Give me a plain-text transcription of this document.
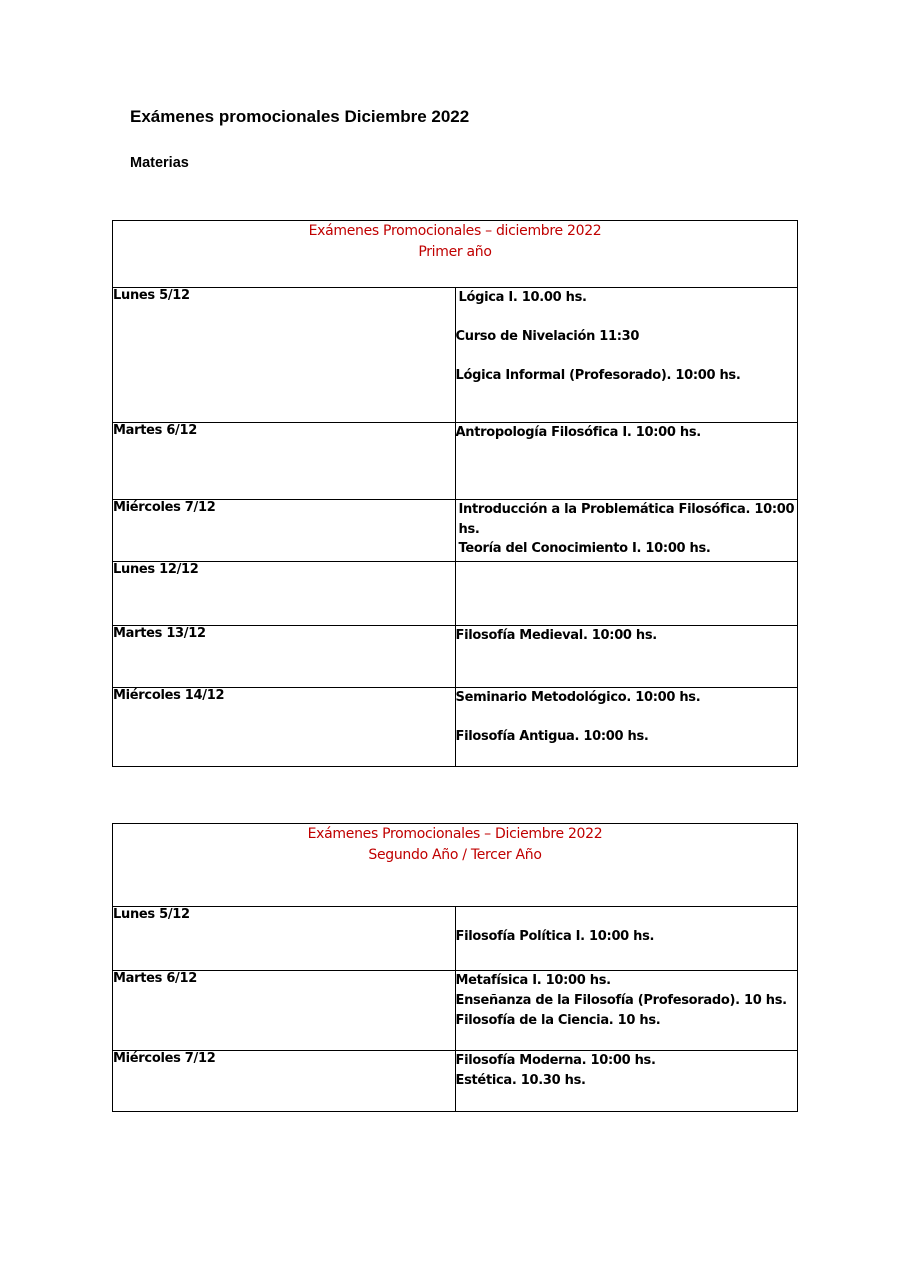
Exámenes promocionales Diciembre 2022
Materias
Exámenes Promocionales – diciembre 2022
Primer año	

Lunes 5/12	Lógica I. 10.00 hs.
Curso de Nivelación 11:30
Lógica Informal (Profesorado). 10:00 hs.

Martes 6/12	Antropología Filosófica I. 10:00 hs.

Miércoles 7/12	Introducción a la Problemática Filosófica. 10:00 hs.
Teoría del Conocimiento I. 10:00 hs.

Lunes 12/12	
Martes 13/12	Filosofía Medieval. 10:00 hs.

Miércoles 14/12	Seminario Metodológico. 10:00 hs.
Filosofía Antigua. 10:00 hs.
Exámenes Promocionales – Diciembre 2022
Segundo Año / Tercer Año	

Lunes 5/12	Filosofía Política I. 10:00 hs.

Martes 6/12	Metafísica I. 10:00 hs.
Enseñanza de la Filosofía (Profesorado). 10 hs.
Filosofía de la Ciencia. 10 hs.

Miércoles 7/12	Filosofía Moderna. 10:00 hs.
Estética. 10.30 hs.
